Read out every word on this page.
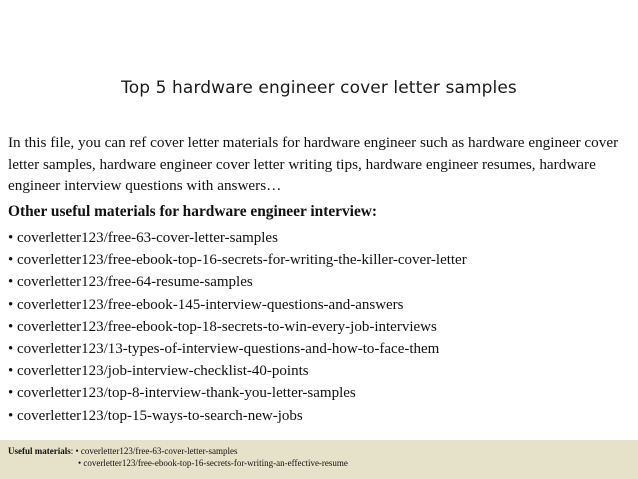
Top 5 hardware engineer cover letter samples

In this file, you can ref cover letter materials for hardware engineer such as hardware engineer cover letter samples, hardware engineer cover letter writing tips, hardware engineer resumes, hardware engineer interview questions with answers…

Other useful materials for hardware engineer interview:

• coverletter123/free-63-cover-letter-samples
• coverletter123/free-ebook-top-16-secrets-for-writing-the-killer-cover-letter
• coverletter123/free-64-resume-samples
• coverletter123/free-ebook-145-interview-questions-and-answers
• coverletter123/free-ebook-top-18-secrets-to-win-every-job-interviews
• coverletter123/13-types-of-interview-questions-and-how-to-face-them
• coverletter123/job-interview-checklist-40-points
• coverletter123/top-8-interview-thank-you-letter-samples
• coverletter123/top-15-ways-to-search-new-jobs
Useful materials: • coverletter123/free-63-cover-letter-samples
• coverletter123/free-ebook-top-16-secrets-for-writing-an-effective-resume
